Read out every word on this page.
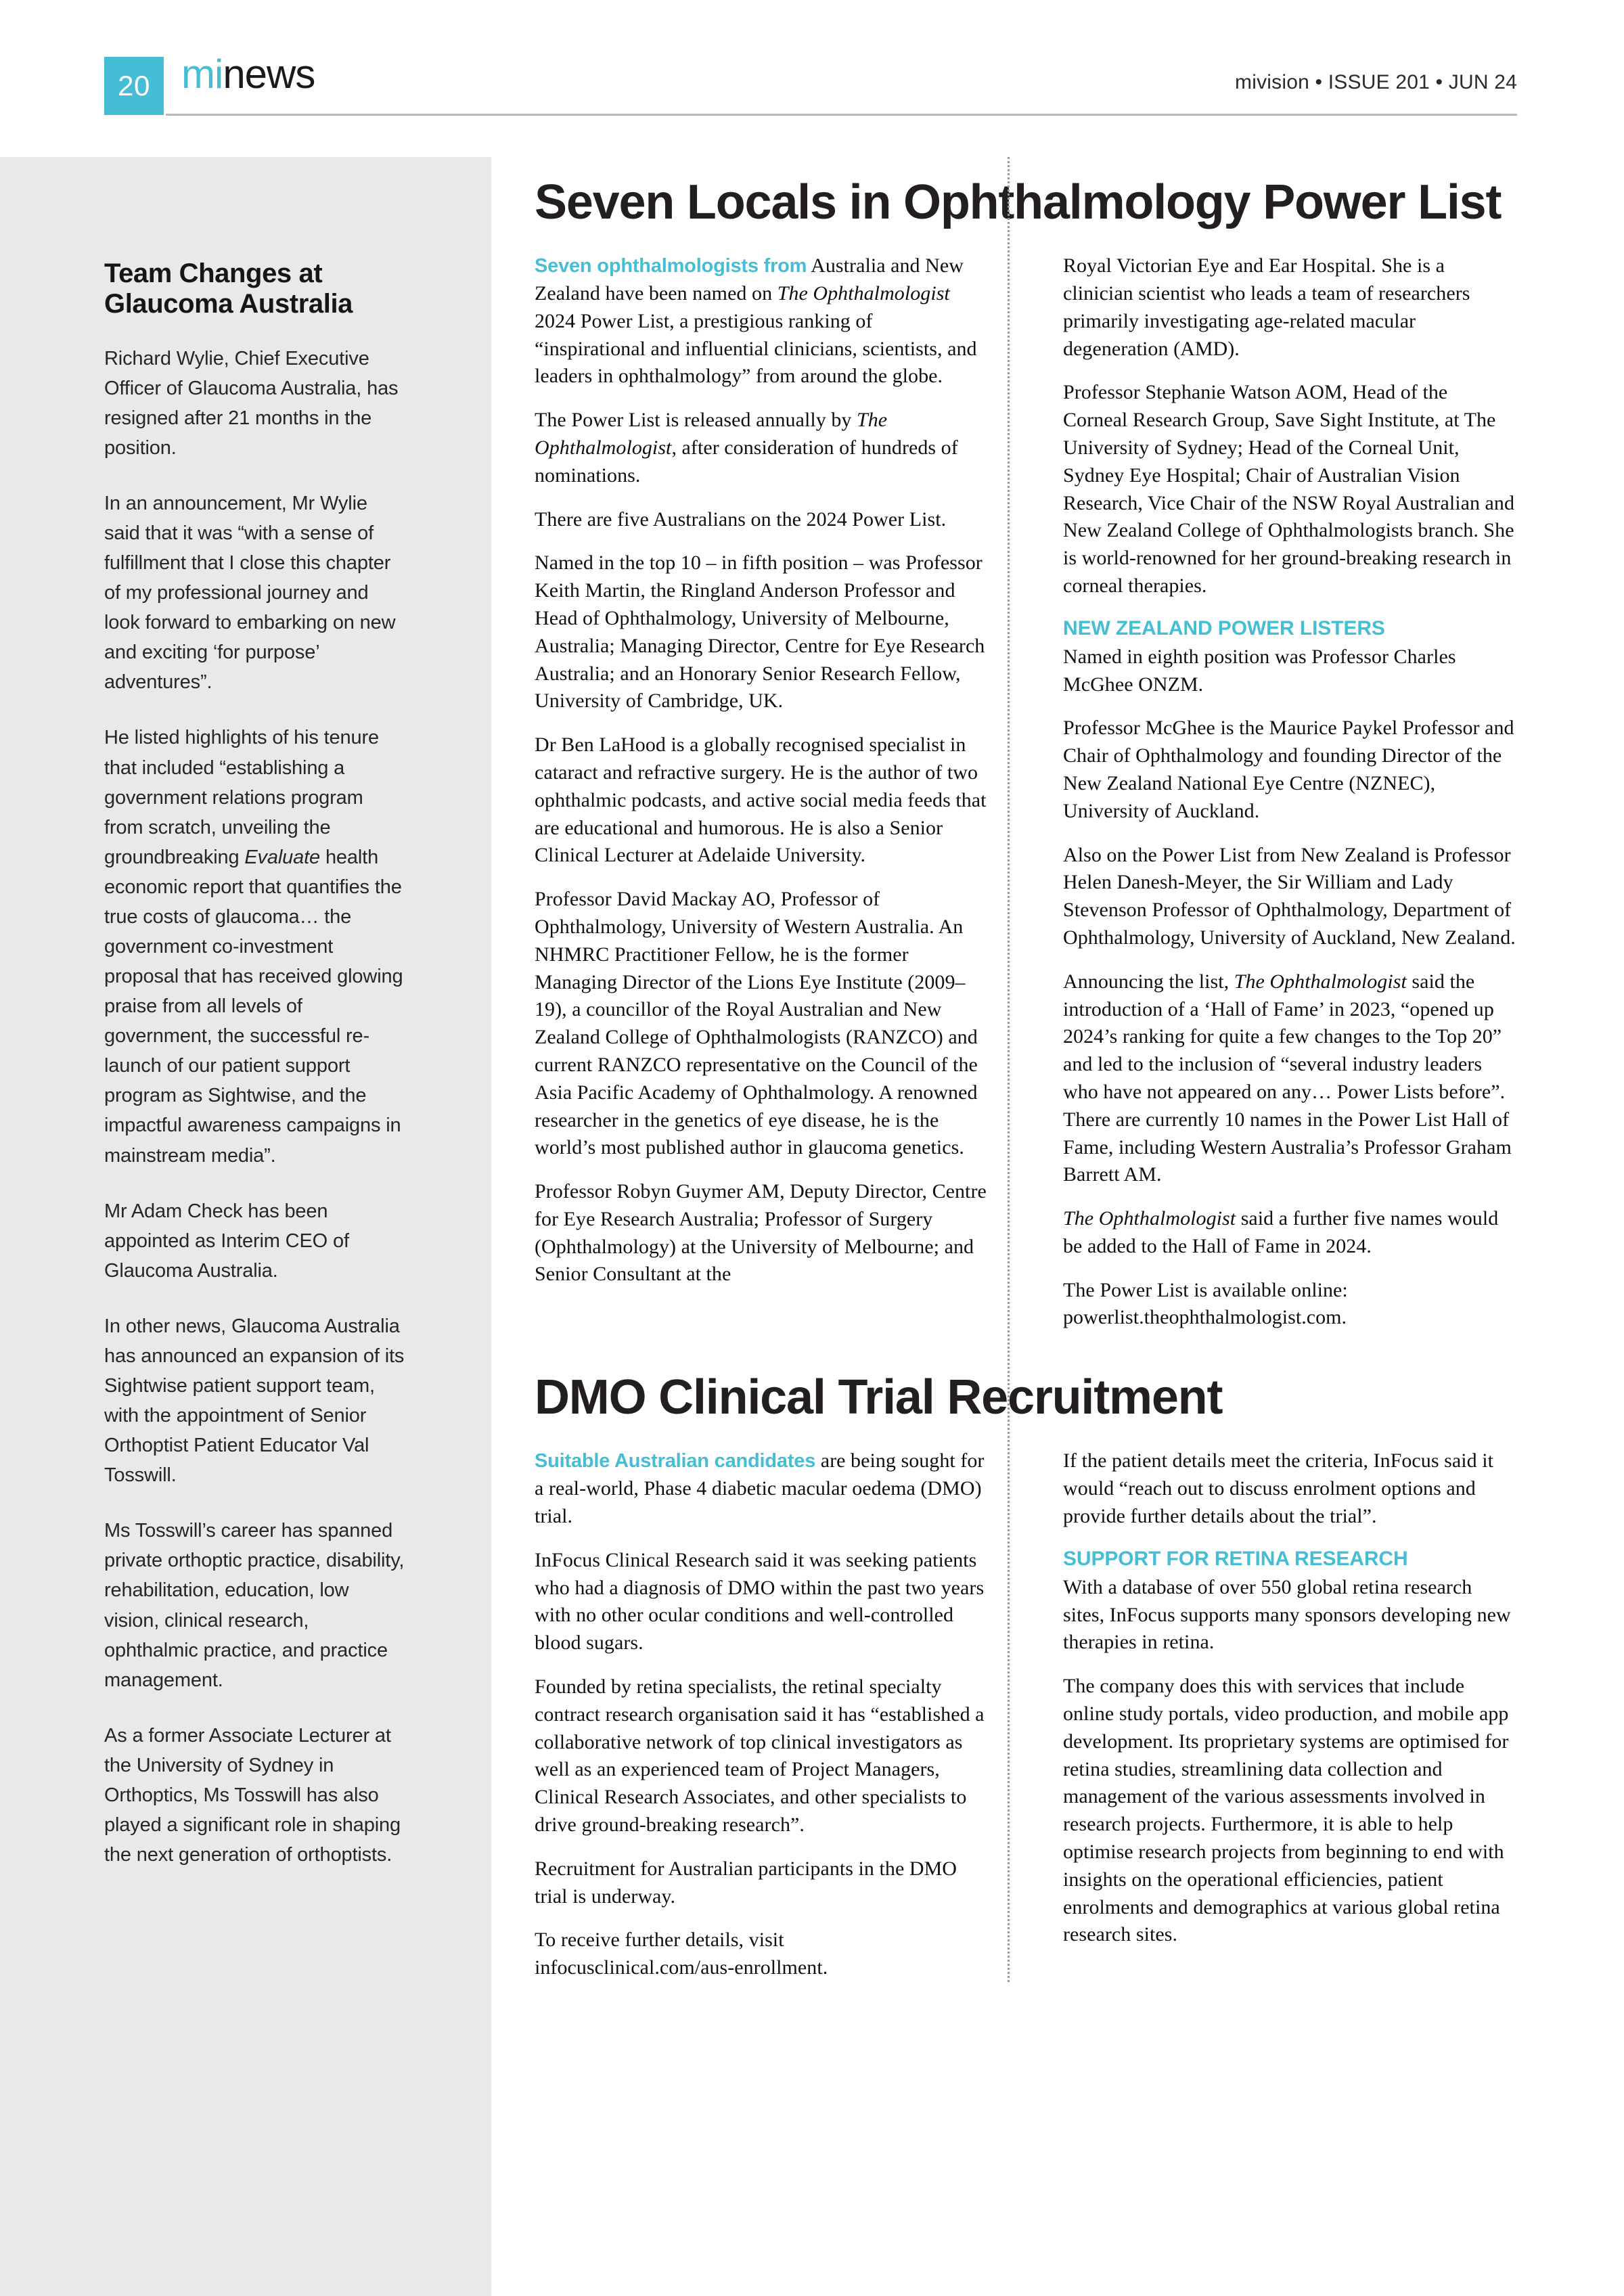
20 minews	mivision • ISSUE 201 • JUN 24
Team Changes at Glaucoma Australia

Richard Wylie, Chief Executive Officer of Glaucoma Australia, has resigned after 21 months in the position.

In an announcement, Mr Wylie said that it was “with a sense of fulfillment that I close this chapter of my professional journey and look forward to embarking on new and exciting ‘for purpose’ adventures”.

He listed highlights of his tenure that included “establishing a government relations program from scratch, unveiling the groundbreaking Evaluate health economic report that quantifies the true costs of glaucoma… the government co-investment proposal that has received glowing praise from all levels of government, the successful re-launch of our patient support program as Sightwise, and the impactful awareness campaigns in mainstream media”.

Mr Adam Check has been appointed as Interim CEO of Glaucoma Australia.

In other news, Glaucoma Australia has announced an expansion of its Sightwise patient support team, with the appointment of Senior Orthoptist Patient Educator Val Tosswill.

Ms Tosswill’s career has spanned private orthoptic practice, disability, rehabilitation, education, low vision, clinical research, ophthalmic practice, and practice management.

As a former Associate Lecturer at the University of Sydney in Orthoptics, Ms Tosswill has also played a significant role in shaping the next generation of orthoptists.

Seven Locals in Ophthalmology Power List

Seven ophthalmologists from Australia and New Zealand have been named on The Ophthalmologist 2024 Power List, a prestigious ranking of “inspirational and influential clinicians, scientists, and leaders in ophthalmology” from around the globe.

The Power List is released annually by The Ophthalmologist, after consideration of hundreds of nominations.

There are five Australians on the 2024 Power List.

Named in the top 10 – in fifth position – was Professor Keith Martin, the Ringland Anderson Professor and Head of Ophthalmology, University of Melbourne, Australia; Managing Director, Centre for Eye Research Australia; and an Honorary Senior Research Fellow, University of Cambridge, UK.

Dr Ben LaHood is a globally recognised specialist in cataract and refractive surgery. He is the author of two ophthalmic podcasts, and active social media feeds that are educational and humorous. He is also a Senior Clinical Lecturer at Adelaide University.

Professor David Mackay AO, Professor of Ophthalmology, University of Western Australia. An NHMRC Practitioner Fellow, he is the former Managing Director of the Lions Eye Institute (2009–19), a councillor of the Royal Australian and New Zealand College of Ophthalmologists (RANZCO) and current RANZCO representative on the Council of the Asia Pacific Academy of Ophthalmology. A renowned researcher in the genetics of eye disease, he is the world’s most published author in glaucoma genetics.

Professor Robyn Guymer AM, Deputy Director, Centre for Eye Research Australia; Professor of Surgery (Ophthalmology) at the University of Melbourne; and Senior Consultant at the

Royal Victorian Eye and Ear Hospital. She is a clinician scientist who leads a team of researchers primarily investigating age-related macular degeneration (AMD).

Professor Stephanie Watson AOM, Head of the Corneal Research Group, Save Sight Institute, at The University of Sydney; Head of the Corneal Unit, Sydney Eye Hospital; Chair of Australian Vision Research, Vice Chair of the NSW Royal Australian and New Zealand College of Ophthalmologists branch. She is world-renowned for her ground-breaking research in corneal therapies.

NEW ZEALAND POWER LISTERS

Named in eighth position was Professor Charles McGhee ONZM.

Professor McGhee is the Maurice Paykel Professor and Chair of Ophthalmology and founding Director of the New Zealand National Eye Centre (NZNEC), University of Auckland.

Also on the Power List from New Zealand is Professor Helen Danesh-Meyer, the Sir William and Lady Stevenson Professor of Ophthalmology, Department of Ophthalmology, University of Auckland, New Zealand.

Announcing the list, The Ophthalmologist said the introduction of a ‘Hall of Fame’ in 2023, “opened up 2024’s ranking for quite a few changes to the Top 20” and led to the inclusion of “several industry leaders who have not appeared on any… Power Lists before”. There are currently 10 names in the Power List Hall of Fame, including Western Australia’s Professor Graham Barrett AM.

The Ophthalmologist said a further five names would be added to the Hall of Fame in 2024.

The Power List is available online: powerlist.theophthalmologist.com.

DMO Clinical Trial Recruitment

Suitable Australian candidates are being sought for a real-world, Phase 4 diabetic macular oedema (DMO) trial.

InFocus Clinical Research said it was seeking patients who had a diagnosis of DMO within the past two years with no other ocular conditions and well-controlled blood sugars.

Founded by retina specialists, the retinal specialty contract research organisation said it has “established a collaborative network of top clinical investigators as well as an experienced team of Project Managers, Clinical Research Associates, and other specialists to drive ground-breaking research”.

Recruitment for Australian participants in the DMO trial is underway.

To receive further details, visit infocusclinical.com/aus-enrollment.

If the patient details meet the criteria, InFocus said it would “reach out to discuss enrolment options and provide further details about the trial”.

SUPPORT FOR RETINA RESEARCH

With a database of over 550 global retina research sites, InFocus supports many sponsors developing new therapies in retina.

The company does this with services that include online study portals, video production, and mobile app development. Its proprietary systems are optimised for retina studies, streamlining data collection and management of the various assessments involved in research projects. Furthermore, it is able to help optimise research projects from beginning to end with insights on the operational efficiencies, patient enrolments and demographics at various global retina research sites.
